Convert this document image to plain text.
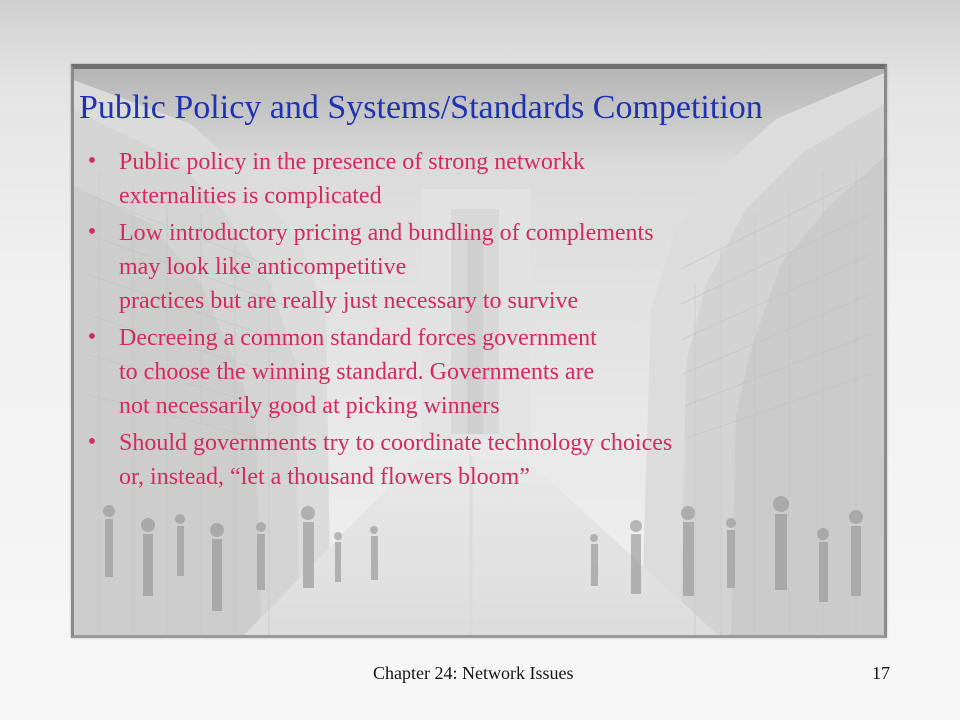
Public Policy and Systems/Standards Competition
• Public policy in the presence of strong networkk
externalities is complicated
• Low introductory pricing and bundling of complements
may look like anticompetitive
practices but are really just necessary to survive
• Decreeing a common standard forces government
to choose the winning standard. Governments are
not necessarily good at picking winners
• Should governments try to coordinate technology choices
or, instead, “let a thousand flowers bloom”

Chapter 24: Network Issues	17
